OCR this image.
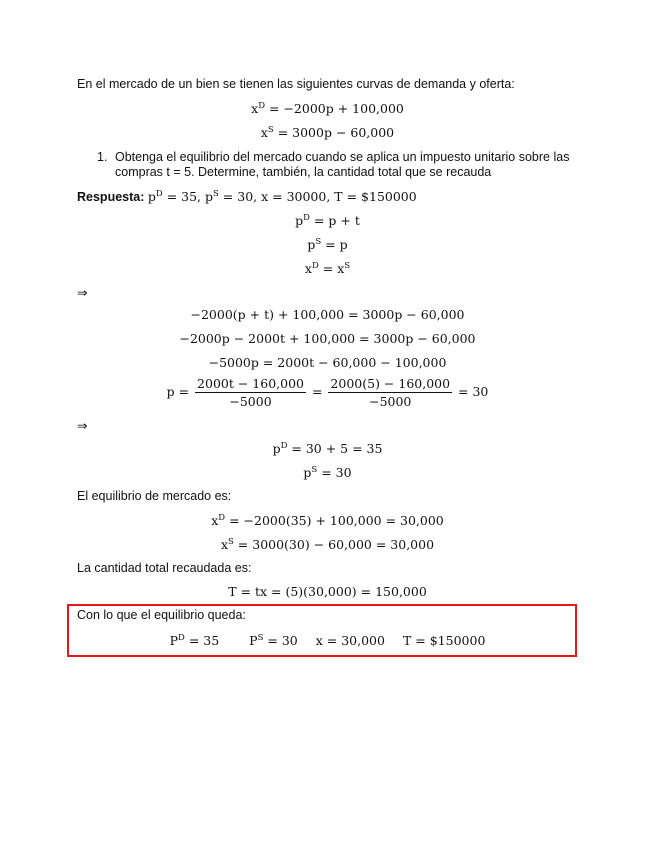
En el mercado de un bien se tienen las siguientes curvas de demanda y oferta:
$x^D = -2000p + 100,000$
$x^S = 3000p - 60,000$
1. Obtenga el equilibrio del mercado cuando se aplica un impuesto unitario sobre las compras t = 5. Determine, también, la cantidad total que se recauda
Respuesta: $p^D = 35$, $p^S = 30$, x = 30000, T = $150000
$p^D = p + t$
$p^S = p$
$x^D = x^S$
⇒
−2000(p + t) + 100,000 = 3000p − 60,000
−2000p − 2000t + 100,000 = 3000p − 60,000
−5000p = 2000t − 60,000 − 100,000
$p = \frac{2000t - 160,000}{-5000} = \frac{2000(5) - 160,000}{-5000} = 30$
⇒
$p^D = 30 + 5 = 35$
$p^S = 30$
El equilibrio de mercado es:
$x^D = -2000(35) + 100,000 = 30,000$
$x^S = 3000(30) - 60,000 = 30,000$
La cantidad total recaudada es:
T = tx = (5)(30,000) = 150,000
Con lo que el equilibrio queda:
$P^D = 35$ $P^S = 30$ x = 30,000 T = $150000
